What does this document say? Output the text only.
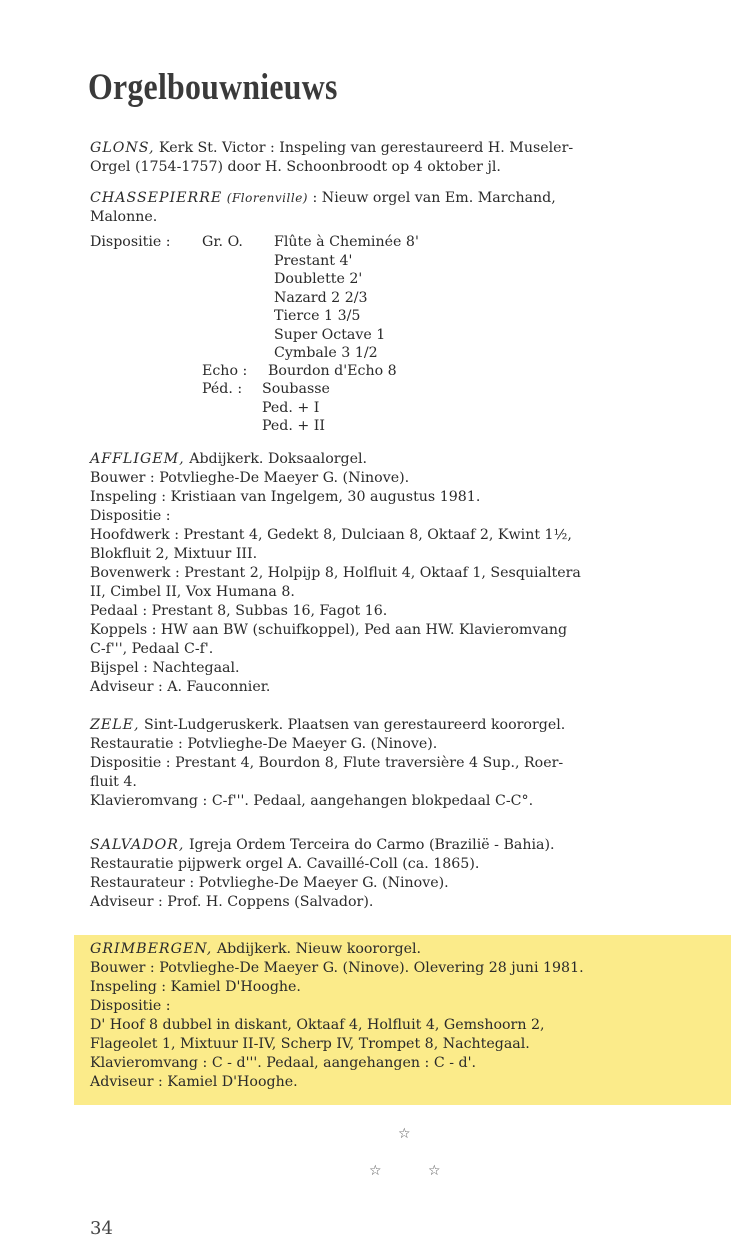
Orgelbouwnieuws
GLONS, Kerk St. Victor : Inspeling van gerestaureerd H. Museler-
Orgel (1754-1757) door H. Schoonbroodt op 4 oktober jl.
CHASSEPIERRE (Florenville) : Nieuw orgel van Em. Marchand,
Malonne.
Dispositie : Gr. O. Flûte à Cheminée 8'
Prestant 4'
Doublette 2'
Nazard 2 2/3
Tierce 1 3/5
Super Octave 1
Cymbale 3 1/2
Echo : Bourdon d'Echo 8
Péd. : Soubasse
Ped. + I
Ped. + II
AFFLIGEM, Abdijkerk. Doksaalorgel.
Bouwer : Potvlieghe-De Maeyer G. (Ninove).
Inspeling : Kristiaan van Ingelgem, 30 augustus 1981.
Dispositie :
Hoofdwerk : Prestant 4, Gedekt 8, Dulciaan 8, Oktaaf 2, Kwint 1½,
Blokfluit 2, Mixtuur III.
Bovenwerk : Prestant 2, Holpijp 8, Holfluit 4, Oktaaf 1, Sesquialtera
II, Cimbel II, Vox Humana 8.
Pedaal : Prestant 8, Subbas 16, Fagot 16.
Koppels : HW aan BW (schuifkoppel), Ped aan HW. Klavieromvang
C-f''', Pedaal C-f'.
Bijspel : Nachtegaal.
Adviseur : A. Fauconnier.
ZELE, Sint-Ludgeruskerk. Plaatsen van gerestaureerd koororgel.
Restauratie : Potvlieghe-De Maeyer G. (Ninove).
Dispositie : Prestant 4, Bourdon 8, Flute traversière 4 Sup., Roer-
fluit 4.
Klavieromvang : C-f'''. Pedaal, aangehangen blokpedaal C-C°.
SALVADOR, Igreja Ordem Terceira do Carmo (Brazilië - Bahia).
Restauratie pijpwerk orgel A. Cavaillé-Coll (ca. 1865).
Restaurateur : Potvlieghe-De Maeyer G. (Ninove).
Adviseur : Prof. H. Coppens (Salvador).
GRIMBERGEN, Abdijkerk. Nieuw koororgel.
Bouwer : Potvlieghe-De Maeyer G. (Ninove). Olevering 28 juni 1981.
Inspeling : Kamiel D'Hooghe.
Dispositie :
D' Hoof 8 dubbel in diskant, Oktaaf 4, Holfluit 4, Gemshoorn 2,
Flageolet 1, Mixtuur II-IV, Scherp IV, Trompet 8, Nachtegaal.
Klavieromvang : C - d'''. Pedaal, aangehangen : C - d'.
Adviseur : Kamiel D'Hooghe.
☆
☆	☆
34
